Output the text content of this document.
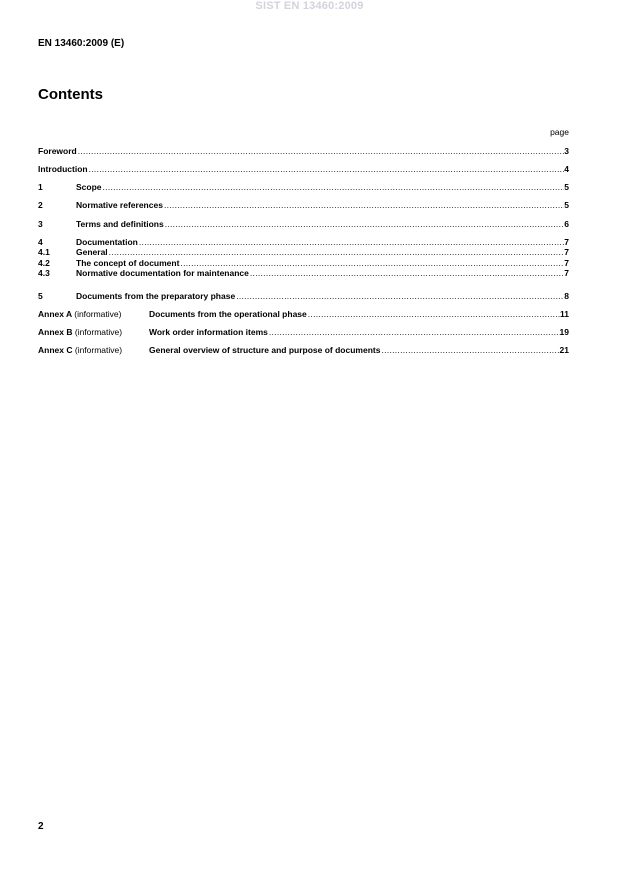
SIST EN 13460:2009
EN 13460:2009 (E)
Contents
page
Foreword .....	3
Introduction .....	4
1	Scope .....	5
2	Normative references .....	5
3	Terms and definitions .....	6
4	Documentation .....	7
4.1	General .....	7
4.2	The concept of document .....	7
4.3	Normative documentation for maintenance .....	7
5	Documents from the preparatory phase .....	8
Annex A (informative)	Documents from the operational phase .....	11
Annex B (informative)	Work order information items .....	19
Annex C (informative)	General overview of structure and purpose of documents .....	21
2
